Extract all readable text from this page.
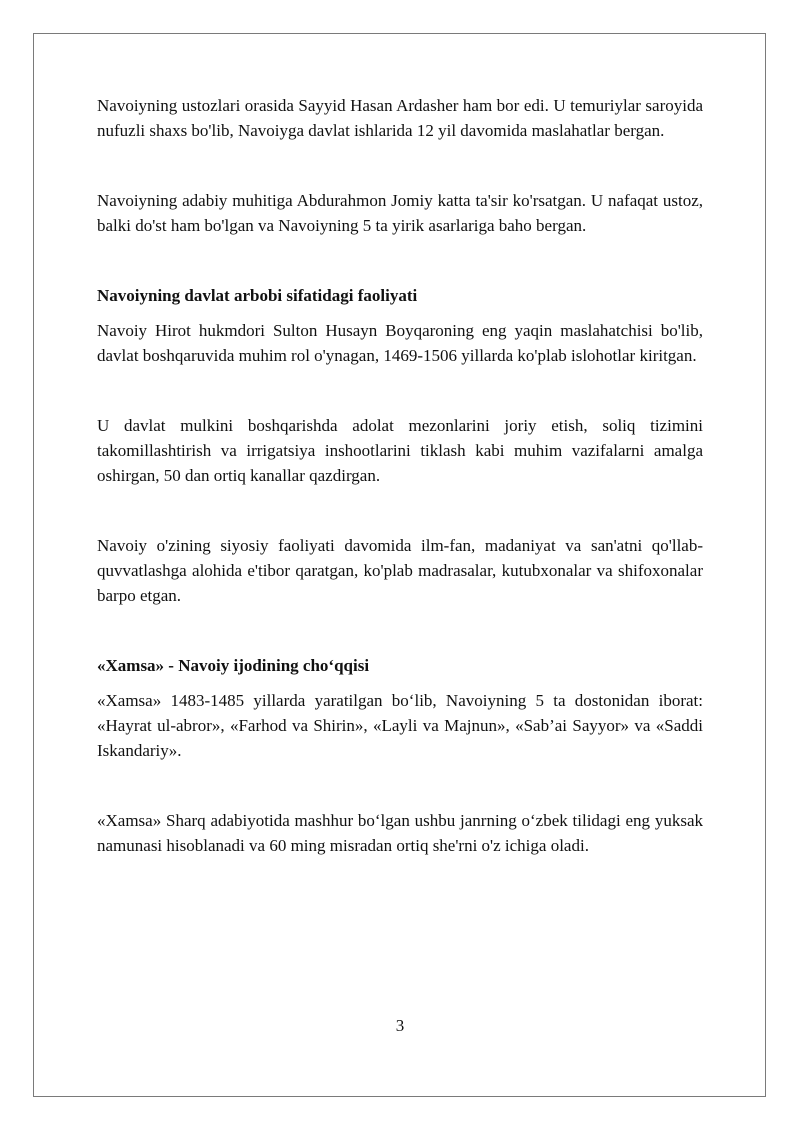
Navoiyning ustozlari orasida Sayyid Hasan Ardasher ham bor edi. U temuriylar saroyida nufuzli shaxs bo'lib, Navoiyga davlat ishlarida 12 yil davomida maslahatlar bergan.

Navoiyning adabiy muhitiga Abdurahmon Jomiy katta ta'sir ko'rsatgan. U nafaqat ustoz, balki do'st ham bo'lgan va Navoiyning 5 ta yirik asarlariga baho bergan.

Navoiyning davlat arbobi sifatidagi faoliyati

Navoiy Hirot hukmdori Sulton Husayn Boyqaroning eng yaqin maslahatchisi bo'lib, davlat boshqaruvida muhim rol o'ynagan, 1469-1506 yillarda ko'plab islohotlar kiritgan.

U davlat mulkini boshqarishda adolat mezonlarini joriy etish, soliq tizimini takomillashtirish va irrigatsiya inshootlarini tiklash kabi muhim vazifalarni amalga oshirgan, 50 dan ortiq kanallar qazdirgan.

Navoiy o'zining siyosiy faoliyati davomida ilm-fan, madaniyat va san'atni qo'llab-quvvatlashga alohida e'tibor qaratgan, ko'plab madrasalar, kutubxonalar va shifoxonalar barpo etgan.

«Xamsa» - Navoiy ijodining cho‘qqisi

«Xamsa» 1483-1485 yillarda yaratilgan bo‘lib, Navoiyning 5 ta dostonidan iborat: «Hayrat ul-abror», «Farhod va Shirin», «Layli va Majnun», «Sab’ai Sayyor» va «Saddi Iskandariy».

«Xamsa» Sharq adabiyotida mashhur bo‘lgan ushbu janrning o‘zbek tilidagi eng yuksak namunasi hisoblanadi va 60 ming misradan ortiq she'rni o'z ichiga oladi.

3
